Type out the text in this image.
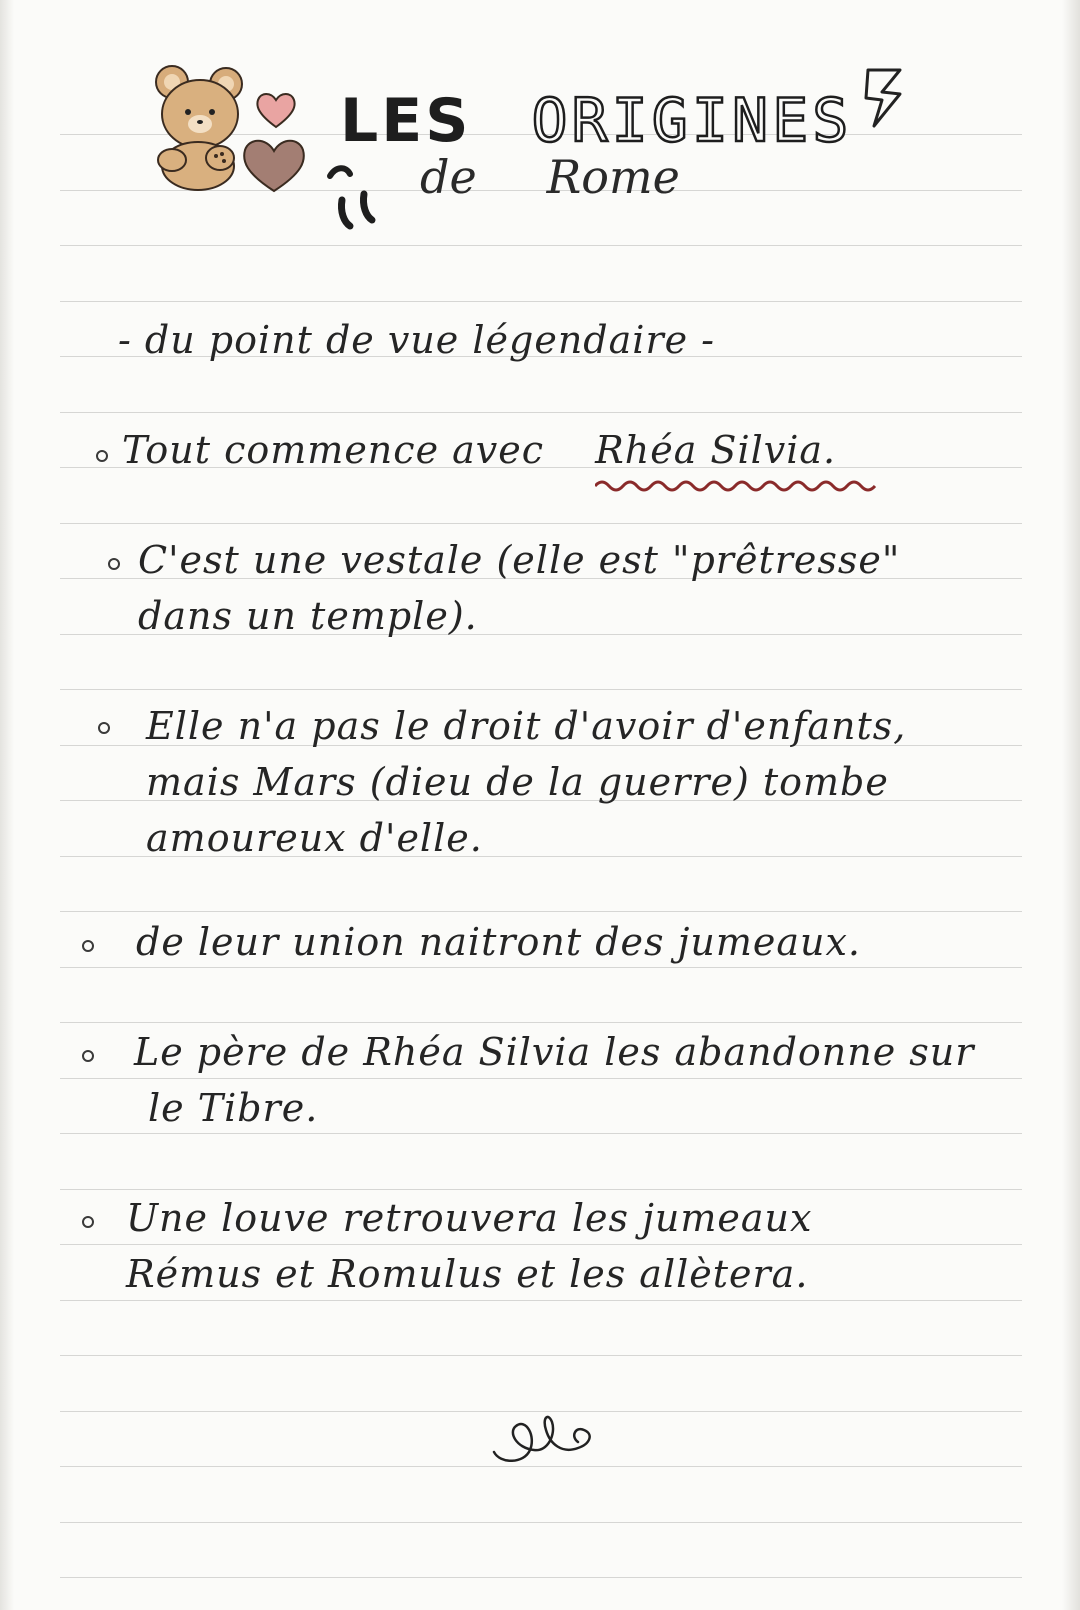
LES ORIGINES

de Rome

- du point de vue légendaire -

Tout commence avec Rhéa Silvia.

C'est une vestale (elle est "prêtresse"

dans un temple).

Elle n'a pas le droit d'avoir d'enfants,

mais Mars (dieu de la guerre) tombe

amoureux d'elle.

de leur union naitront des jumeaux.

Le père de Rhéa Silvia les abandonne sur

le Tibre.

Une louve retrouvera les jumeaux

Rémus et Romulus et les allètera.
